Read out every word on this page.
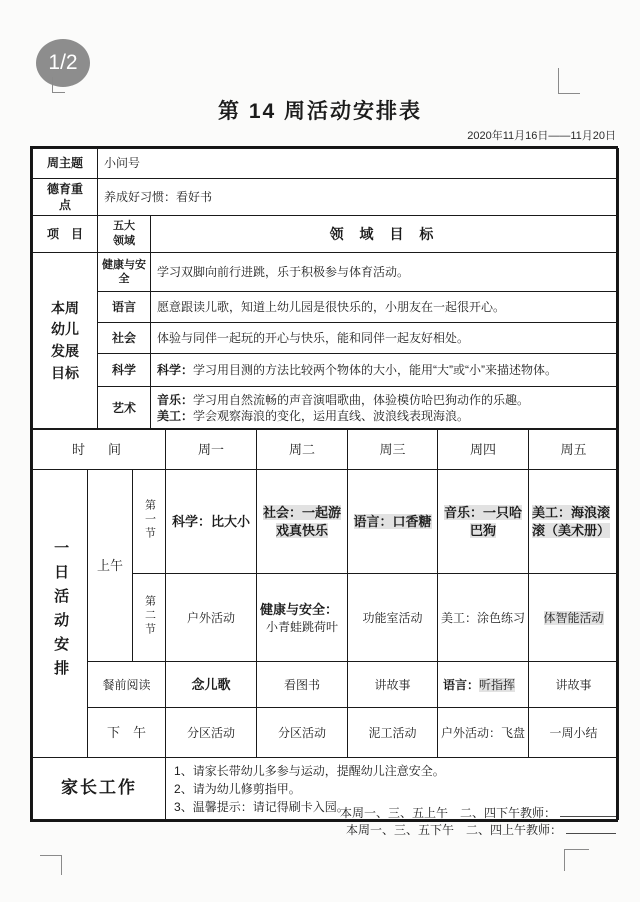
1/2
第 14 周活动安排表
2020年11月16日——11月20日
周主题	小问号	
德育重点	养成好习惯：看好书	
项　目	五大领域	领 域 目 标
本周幼儿发展目标	健康与安全	学习双脚向前行进跳，乐于积极参与体育活动。
	语言	愿意跟读儿歌，知道上幼儿园是很快乐的，小朋友在一起很开心。
	社会	体验与同伴一起玩的开心与快乐，能和同伴一起友好相处。
	科学	科学：学习用目测的方法比较两个物体的大小，能用“大”或“小”来描述物体。
	艺术	音乐：学习用自然流畅的声音演唱歌曲，体验模仿哈巴狗动作的乐趣。
美工：学会观察海浪的变化，运用直线、波浪线表现海浪。
时　间			周一	周二	周三	周四	周五
一日活动安排	上午	第一节	科学：比大小	社会：一起游戏真快乐	语言：口香糖	音乐：一只哈巴狗	美工：海浪滚滚（美术册）
		第二节	户外活动	健康与安全：
小青蛙跳荷叶	功能室活动	美工：涂色练习	体智能活动
	餐前阅读		念儿歌	看图书	讲故事	语言：听指挥	讲故事
	下　午		分区活动	分区活动	泥工活动	户外活动：飞盘	一周小结
家长工作			1、请家长带幼儿多参与运动，提醒幼儿注意安全。
2、请为幼儿修剪指甲。
3、温馨提示：请记得刷卡入园。				
本周一、三、五上午　二、四下午教师：
本周一、三、五下午　二、四上午教师：
